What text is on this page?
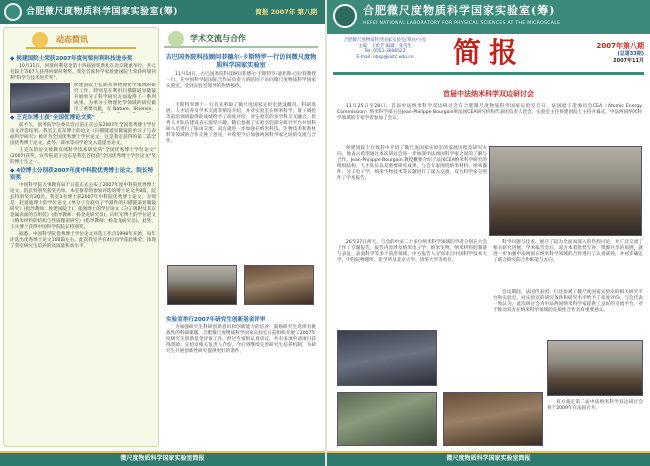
合肥微尺度物质科学国家实验室(筹)	简报 2007年 第八期
动态简讯
◆ 侯建国院士荣获2007年度何梁何利科技进步奖

10月31日，何梁何利基金第十四届颁奖典礼在北京隆重举行，共元名院士等67人获得何梁何利奖。我室首席科学家侯建国院士荣获何梁何利"科学与技术进步奖"。

侯建国院士长期从事物理化学领域的研究工作，特别是在利用扫描隧道显微镜开展单分子科学研究方面取得了一系列成果。为单分子物理化学领域的研究做出了重要贡献，在 Nature、Science、

◆ 王克东博士获"全国优博论文奖"

前不久，国务院学位委员会日前正式公布2007年全国优秀博士学位论文评选结果。我室王克东博士的论文《扫描隧道显微镜的单分子与表面科学研究》被评为全国优秀博士学位论文，这是我室获得的第二篇全国优秀博士论文。此外，薛冰等同学论文入选提名论文。

王克东的论文被教育部科学技术研究所"全国优秀博士学位论文"(2007)获奖，宣传报道王克东是我室首批获"全国优秀博士学位论文"奖的博士生之一。

◆ 4位博士分别获2007年度中科院优秀博士论文、院长特别奖

中国科学院人事教育局于日前正式公布了2007年度中科院优秀博士论文、院长特别奖获奖名单。本室推荐的参加评选的博士论文共8篇，院长特别奖有20名。我室3名博士获2007年中科院优秀博士论文，分别是：赵爱迪博士的学位论文《单分子自旋电子学器件的扫描隧道显微镜研究》(指导教师：侯建国院士)，张强博士的学位论文《分子吸附及其在金属表面的自组装》(指导教师：杨金龙研究员)，向红军博士的学位论文《纳米材料的结构与性质理论研究》(指导教师：杨金龙研究员)。此外，王兵博士获得中国科学院院长特别奖。

据悉，中国科学院优秀博士学位论文评选工作自1998年开始，每年评选出优秀博士论文100篇左右。此次我室共有4位同学获此殊荣，体现了我室研究生培养的高质量和高水平。

学术交流与合作
吉巴国务院科技顾问菲德尔·卡斯特罗一行访问微尺度物质科学国家实验室

11月14日，古巴国务院科技顾问菲德尔·卡斯特罗-迪亚斯-巴拉特教授一行，在中国科学院国际合作局负责人的陪同下访问微尺度物质科学国家实验室，受到实验室领导的热情接待。

卡斯特罗博士一行首先听取了微尺度国家实验室建设概况、科研进展、人才培养及学术交流等情况介绍，并对实验室在纳米科学、量子调控等前沿领域取得的成绩给予了高度评价，对实验室的多学科交叉融合、优秀人才队伍建设表示浓厚兴趣。随后参观了实验室的部分研究平台并同科研人员进行了座谈交流。双方就进一步加强在纳米科技、生物技术和新材料等领域的合作交换了意见，并希望今后加强两国科学家之间的交流与合作。

实验室举行2007年研究生创新基金评审

为加强研究生科研创新意识和创新能力的培养，鼓励研究生选择有挑战性的科研课题，合肥微尺度物质科学国家实验室日前组织开展了2007年度研究生创新基金评审工作。经过专家组认真审议，共有多项申请项目获得资助。实验室相关负责人介绍，今后将继续完善研究生培养机制，为研究生开展创新性研究提供更好的条件。

微尺度物质科学国家实验室简报
合肥微尺度物质科学国家实验室(筹)
HEFEI NATIONAL LABORATORY FOR PHYSICAL SCIENCES AT THE MICROSCALE
合肥微尺度物质科学国家实验室(筹)办公室
主编：王贻芳 编辑：张雪生
Tel: 0551-3606523
E-mail: nbsp@ustc.edu.cn	简报	2007年第八期
(总第33期)
2007年11月
首届中法纳米科学双边研讨会

11月25日至28日，首届中法纳米科学双边研讨会在合肥微尺度物质科学国家实验室召开，法国原子能委员会CEA（Atomic Energy Commission）纳米科学部主任Jean-Philippe Bourgoin率法国CEA研究机构代表团负责人赴会，实验室主任侯建国院士主持开幕式，中法两国纳米科学领域的专家学者参加了会议。

侯建国院士在致辞中介绍了微尺度国家实验室的发展历程及研究方向，他表示希望通过本次研讨会进一步加深中法两国科学家之间的了解与合作。Jean-Philippe Bourgoin 教授概要介绍了法国CEA纳米科学研究的组织结构、人才队伍以及重要研究成果。与会专家围绕纳米材料、纳米器件、分子电子学、纳米生物技术等议题进行了深入交流，双方科学家分别作了学术报告。

26至27日两天，与会的中法二十多位纳米科学领域的学者分别在大会上作了专题报告，报告内容涉及纳米电子学、纳米生物、纳米材料的制备与表征、表面科学等多个前沿领域，中方报告人分别来自中国科学技术大学、中科院物理所、化学所及北京大学、清华大学等单位。

科学问题与技术、展开了较为全面而深入的热烈讨论，并广泛交流了相关研究进展。学术报告会后，双方本着优势互补、资源共享的原则，就进一步加强中法两国在纳米科学领域的合作进行了认真磋商，并初步确定了联合研究的合作框架与方向。

会议期间，法国代表团一行还参观了微尺度国家实验室的相关研究平台和实验室，对实验室的研究条件和研究水平给予了高度评价。与会代表一致认为，此次研讨会为中法两国纳米科学家提供了良好的交流平台，对于推动双方在纳米科学领域的实质性合作具有重要意义。

双方商定第二届中法纳米科学双边研讨会将于2009年在法国召开。

微尺度物质科学国家实验室简报
